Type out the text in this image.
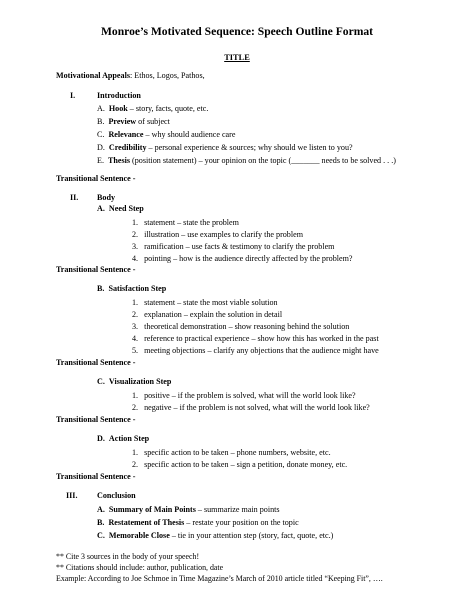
Monroe’s Motivated Sequence: Speech Outline Format
TITLE
Motivational Appeals: Ethos, Logos, Pathos,
I.	Introduction
A. Hook – story, facts, quote, etc.
B. Preview of subject
C. Relevance – why should audience care
D. Credibility – personal experience & sources; why should we listen to you?
E. Thesis (position statement) – your opinion on the topic (_______ needs to be solved . . .)
Transitional Sentence -
II. Body
A. Need Step
1. statement – state the problem
2. illustration – use examples to clarify the problem
3. ramification – use facts & testimony to clarify the problem
4. pointing – how is the audience directly affected by the problem?
Transitional Sentence -
B. Satisfaction Step
1. statement – state the most viable solution
2. explanation – explain the solution in detail
3. theoretical demonstration – show reasoning behind the solution
4. reference to practical experience – show how this has worked in the past
5. meeting objections – clarify any objections that the audience might have
Transitional Sentence -
C. Visualization Step
1. positive – if the problem is solved, what will the world look like?
2. negative – if the problem is not solved, what will the world look like?
Transitional Sentence -
D. Action Step
1. specific action to be taken – phone numbers, website, etc.
2. specific action to be taken – sign a petition, donate money, etc.
Transitional Sentence -
III. Conclusion
A. Summary of Main Points – summarize main points
B. Restatement of Thesis – restate your position on the topic
C. Memorable Close – tie in your attention step (story, fact, quote, etc.)
** Cite 3 sources in the body of your speech!
** Citations should include: author, publication, date
Example: According to Joe Schmoe in Time Magazine’s March of 2010 article titled “Keeping Fit”, ….
